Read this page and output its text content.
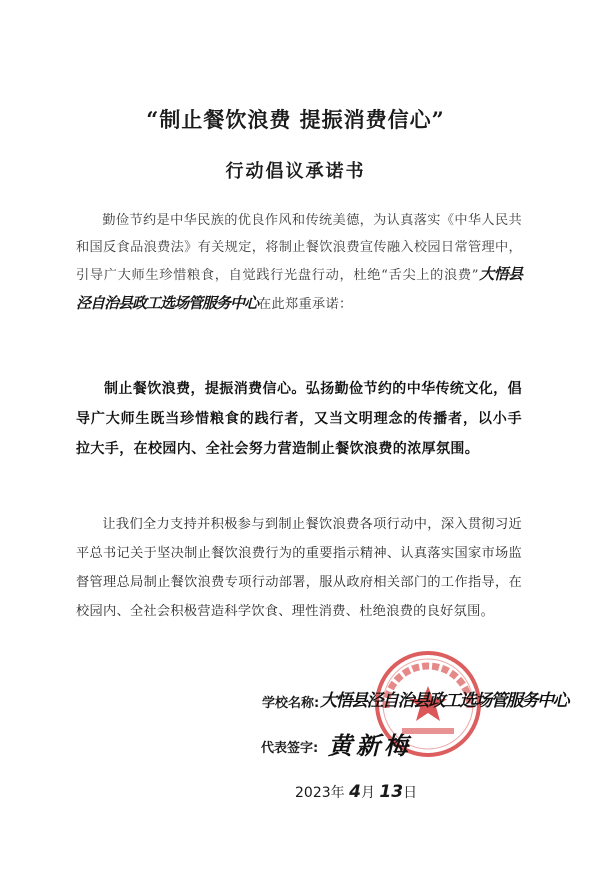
“制止餐饮浪费 提振消费信心”
行动倡议承诺书

勤俭节约是中华民族的优良作风和传统美德，为认真落实《中华人民共和国反食品浪费法》有关规定，将制止餐饮浪费宣传融入校园日常管理中，引导广大师生珍惜粮食，自觉践行光盘行动，杜绝“舌尖上的浪费”大悟县泾自治县政工选场管服务中心在此郑重承诺：

制止餐饮浪费，提振消费信心。弘扬勤俭节约的中华传统文化，倡导广大师生既当珍惜粮食的践行者，又当文明理念的传播者，以小手拉大手，在校园内、全社会努力营造制止餐饮浪费的浓厚氛围。

让我们全力支持并积极参与到制止餐饮浪费各项行动中，深入贯彻习近平总书记关于坚决制止餐饮浪费行为的重要指示精神、认真落实国家市场监督管理总局制止餐饮浪费专项行动部署，服从政府相关部门的工作指导，在校园内、全社会积极营造科学饮食、理性消费、杜绝浪费的良好氛围。

学校名称: 大悟县泾自治县政工选场管服务中心
代表签字: 黄新梅
2023年 4月 13日
